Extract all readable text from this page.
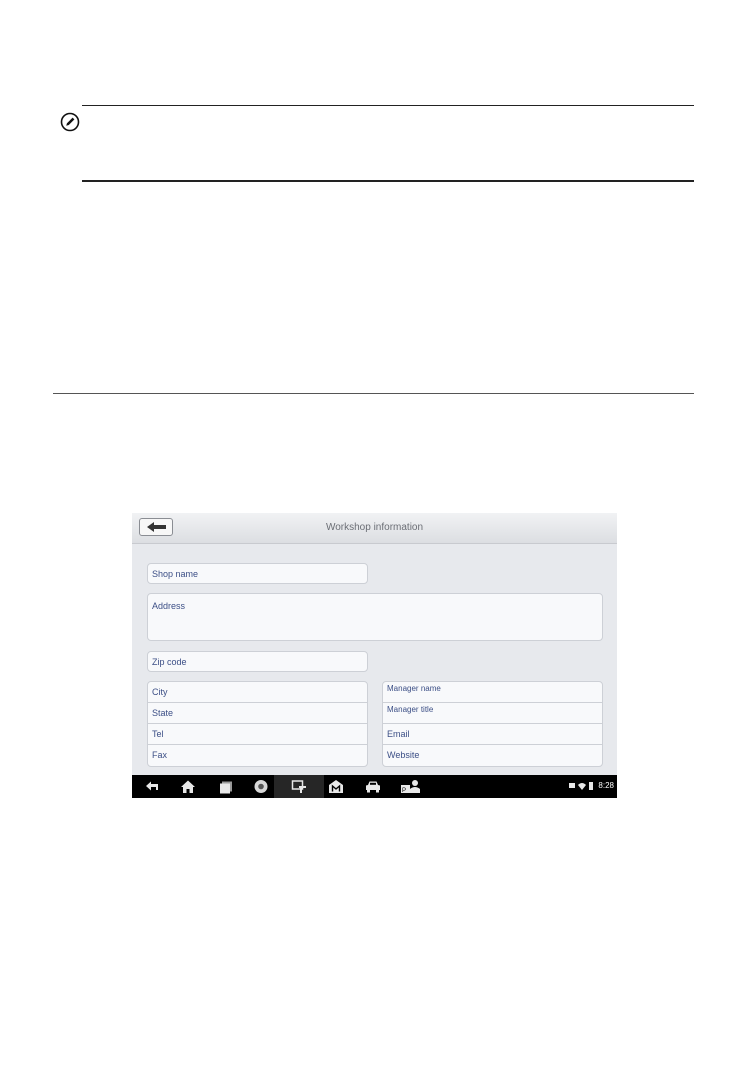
Workshop information
Shop name
Address
Zip code
City
State
Tel
Fax
Manager name
Manager title
Email
Website
P
8:28
